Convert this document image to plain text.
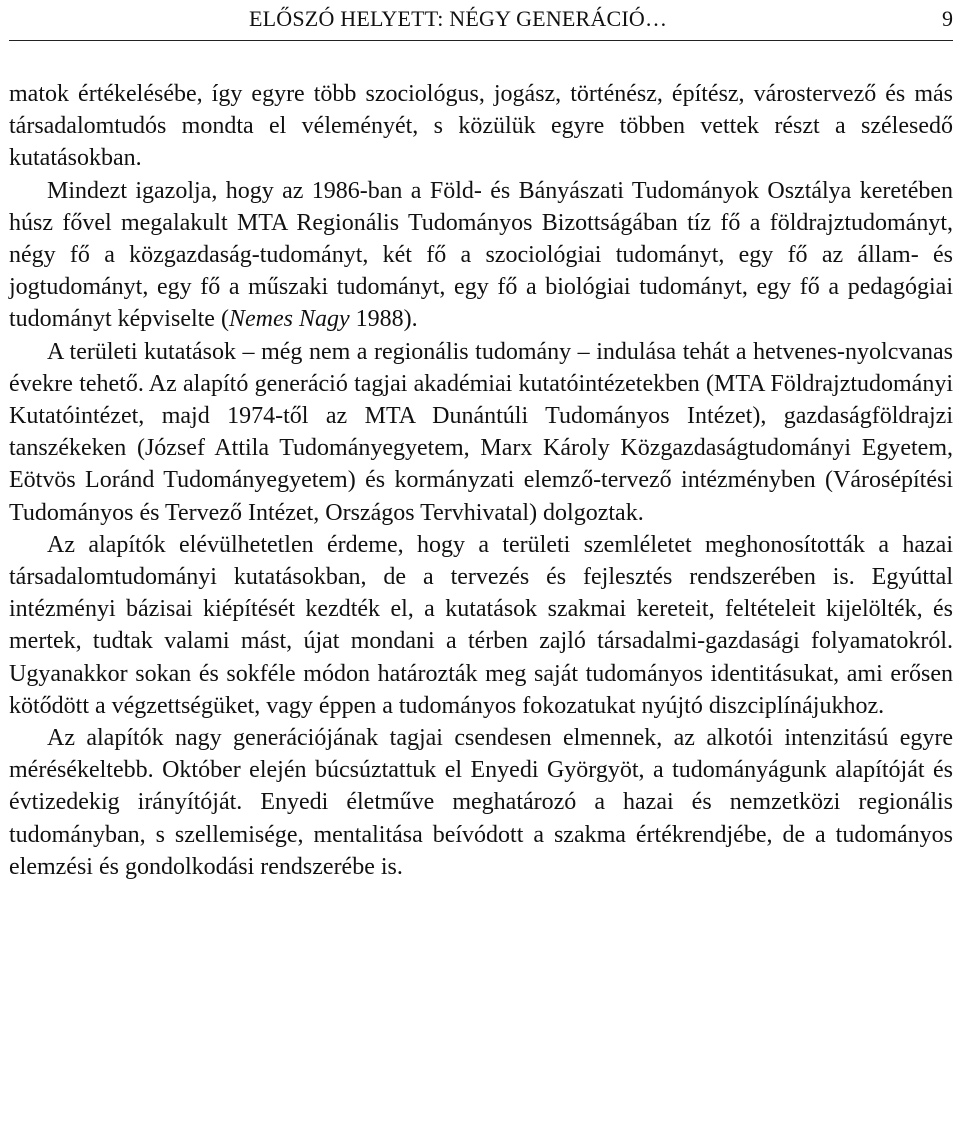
ELŐSZÓ HELYETT: NÉGY GENERÁCIÓ…	9

matok értékelésébe, így egyre több szociológus, jogász, történész, építész, várostervező és más társadalomtudós mondta el véleményét, s közülük egyre többen vettek részt a szélesedő kutatásokban.

Mindezt igazolja, hogy az 1986-ban a Föld- és Bányászati Tudományok Osztálya keretében húsz fővel megalakult MTA Regionális Tudományos Bizottságában tíz fő a földrajztudományt, négy fő a közgazdaság-tudományt, két fő a szociológiai tudományt, egy fő az állam- és jogtudományt, egy fő a műszaki tudományt, egy fő a biológiai tudományt, egy fő a pedagógiai tudományt képviselte (Nemes Nagy 1988).

A területi kutatások – még nem a regionális tudomány – indulása tehát a hetvenes-nyolcvanas évekre tehető. Az alapító generáció tagjai akadémiai kutatóintézetekben (MTA Földrajztudományi Kutatóintézet, majd 1974-től az MTA Dunántúli Tudományos Intézet), gazdaságföldrajzi tanszékeken (József Attila Tudományegyetem, Marx Károly Közgazdaságtudományi Egyetem, Eötvös Loránd Tudományegyetem) és kormányzati elemző-tervező intézményben (Városépítési Tudományos és Tervező Intézet, Országos Tervhivatal) dolgoztak.

Az alapítók elévülhetetlen érdeme, hogy a területi szemléletet meghonosították a hazai társadalomtudományi kutatásokban, de a tervezés és fejlesztés rendszerében is. Egyúttal intézményi bázisai kiépítését kezdték el, a kutatások szakmai kereteit, feltételeit kijelölték, és mertek, tudtak valami mást, újat mondani a térben zajló társadalmi-gazdasági folyamatokról. Ugyanakkor sokan és sokféle módon határozták meg saját tudományos identitásukat, ami erősen kötődött a végzettségüket, vagy éppen a tudományos fokozatukat nyújtó diszciplínájukhoz.

Az alapítók nagy generációjának tagjai csendesen elmennek, az alkotói intenzitású egyre mérésékeltebb. Október elején búcsúztattuk el Enyedi Györgyöt, a tudományágunk alapítóját és évtizedekig irányítóját. Enyedi életműve meghatározó a hazai és nemzetközi regionális tudományban, s szellemisége, mentalitása beívódott a szakma értékrendjébe, de a tudományos elemzési és gondolkodási rendszerébe is.
